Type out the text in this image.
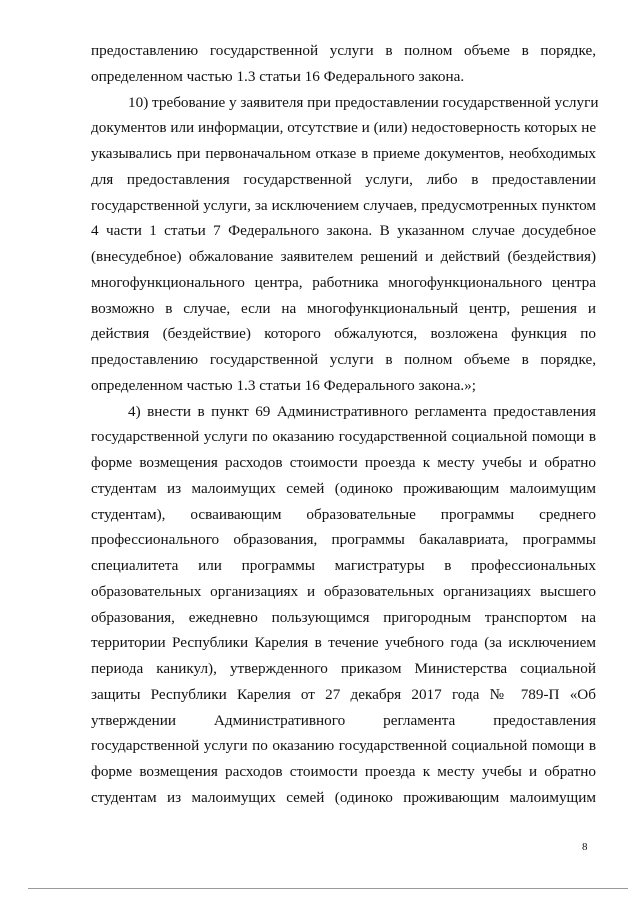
предоставлению государственной услуги в полном объеме в порядке,
определенном частью 1.3 статьи 16 Федерального закона.
10) требование у заявителя при предоставлении государственной услуги
документов или информации, отсутствие и (или) недостоверность которых не
указывались при первоначальном отказе в приеме документов, необходимых
для предоставления государственной услуги, либо в предоставлении
государственной услуги, за исключением случаев, предусмотренных пунктом
4 части 1 статьи 7 Федерального закона. В указанном случае досудебное
(внесудебное) обжалование заявителем решений и действий (бездействия)
многофункционального центра, работника многофункционального центра
возможно в случае, если на многофункциональный центр, решения и
действия (бездействие) которого обжалуются, возложена функция по
предоставлению государственной услуги в полном объеме в порядке,
определенном частью 1.3 статьи 16 Федерального закона.»;
4) внести в пункт 69 Административного регламента предоставления
государственной услуги по оказанию государственной социальной помощи в
форме возмещения расходов стоимости проезда к месту учебы и обратно
студентам из малоимущих семей (одиноко проживающим малоимущим
студентам), осваивающим образовательные программы среднего
профессионального образования, программы бакалавриата, программы
специалитета или программы магистратуры в профессиональных
образовательных организациях и образовательных организациях высшего
образования, ежедневно пользующимся пригородным транспортом на
территории Республики Карелия в течение учебного года (за исключением
периода каникул), утвержденного приказом Министерства социальной
защиты Республики Карелия от 27 декабря 2017 года № 789-П «Об
утверждении Административного регламента предоставления
государственной услуги по оказанию государственной социальной помощи в
форме возмещения расходов стоимости проезда к месту учебы и обратно
студентам из малоимущих семей (одиноко проживающим малоимущим
8
